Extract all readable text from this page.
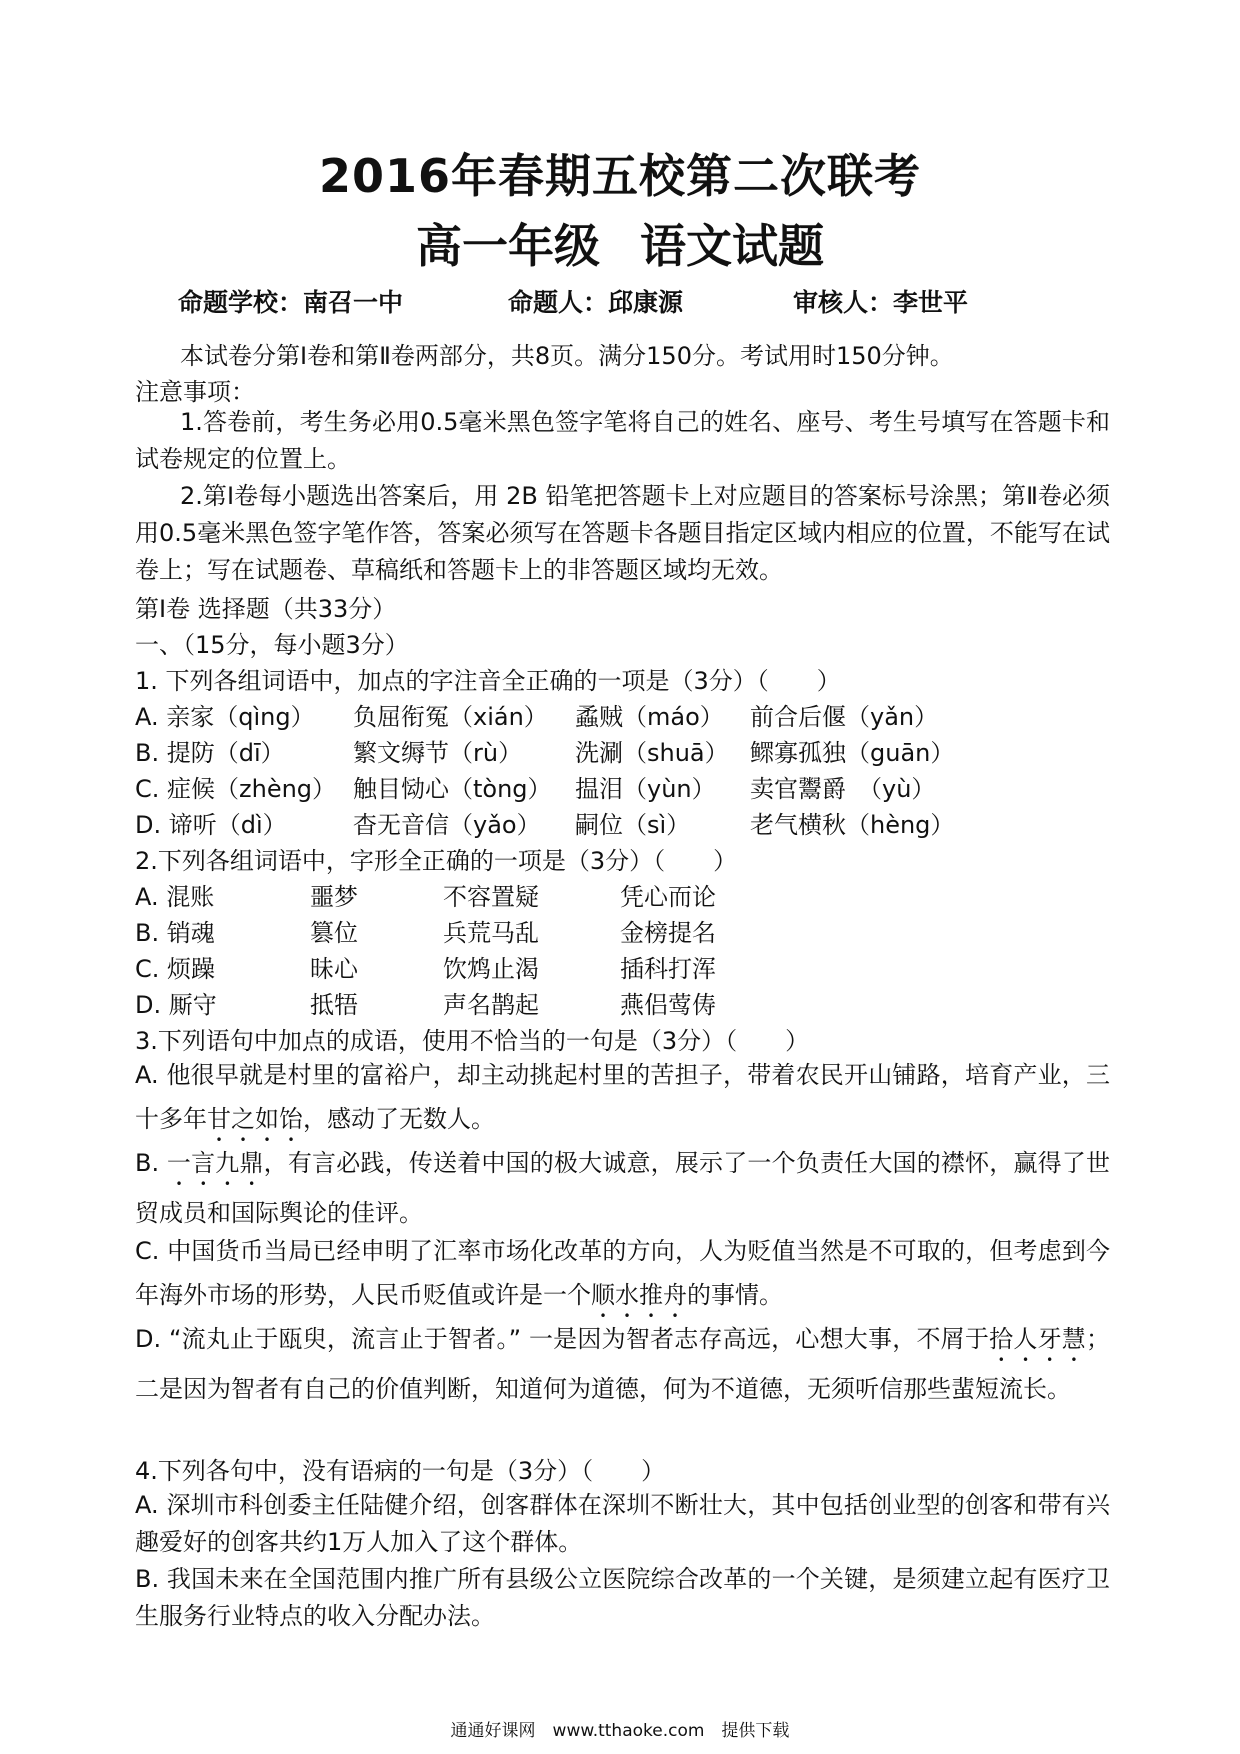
2016年春期五校第二次联考
高一年级 语文试题
命题学校：南召一中	命题人：邱康源	审核人：李世平
本试卷分第Ⅰ卷和第Ⅱ卷两部分，共8页。满分150分。考试用时150分钟。
注意事项：
1.答卷前，考生务必用0.5毫米黑色签字笔将自己的姓名、座号、考生号填写在答题卡和试卷规定的位置上。
2.第Ⅰ卷每小题选出答案后，用 2B 铅笔把答题卡上对应题目的答案标号涂黑；第Ⅱ卷必须用0.5毫米黑色签字笔作答，答案必须写在答题卡各题目指定区域内相应的位置，不能写在试卷上；写在试题卷、草稿纸和答题卡上的非答题区域均无效。
第Ⅰ卷 选择题（共33分）
一、（15分，每小题3分）
1. 下列各组词语中，加点的字注音全正确的一项是（3分）（　　）
A. 亲家（qìng） 负屈衔冤（xián） 蟊贼（máo） 前合后偃（yǎn）
B. 提防（dī）	繁文缛节（rù） 洗涮（shuā） 鳏寡孤独（guān）
C. 症候（zhèng） 触目恸心（tòng） 揾泪（yùn） 卖官鬻爵　（yù）
D. 谛听（dì）	杳无音信（yǎo） 嗣位（sì） 老气横秋（hèng）
2.下列各组词语中，字形全正确的一项是（3分）（　　）
A. 混账	噩梦	不容置疑	凭心而论
B. 销魂	篡位	兵荒马乱	金榜提名
C. 烦躁	昧心	饮鸩止渴	插科打浑
D. 厮守	抵牾	声名鹊起	燕侣莺俦
3.下列语句中加点的成语，使用不恰当的一句是（3分）（　　）
A. 他很早就是村里的富裕户，却主动挑起村里的苦担子，带着农民开山铺路，培育产业，三十多年甘之如饴，感动了无数人。
B. 一言九鼎，有言必践，传送着中国的极大诚意，展示了一个负责任大国的襟怀，赢得了世贸成员和国际舆论的佳评。
C. 中国货币当局已经申明了汇率市场化改革的方向，人为贬值当然是不可取的，但考虑到今年海外市场的形势，人民币贬值或许是一个顺水推舟的事情。
D. “流丸止于瓯臾，流言止于智者。” 一是因为智者志存高远，心想大事，不屑于拾人牙慧；二是因为智者有自己的价值判断，知道何为道德，何为不道德，无须听信那些蜚短流长。
4.下列各句中，没有语病的一句是（3分）（　　）
A. 深圳市科创委主任陆健介绍，创客群体在深圳不断壮大，其中包括创业型的创客和带有兴趣爱好的创客共约1万人加入了这个群体。
B. 我国未来在全国范围内推广所有县级公立医院综合改革的一个关键，是须建立起有医疗卫生服务行业特点的收入分配办法。
通通好课网　www.tthaoke.com　提供下载
